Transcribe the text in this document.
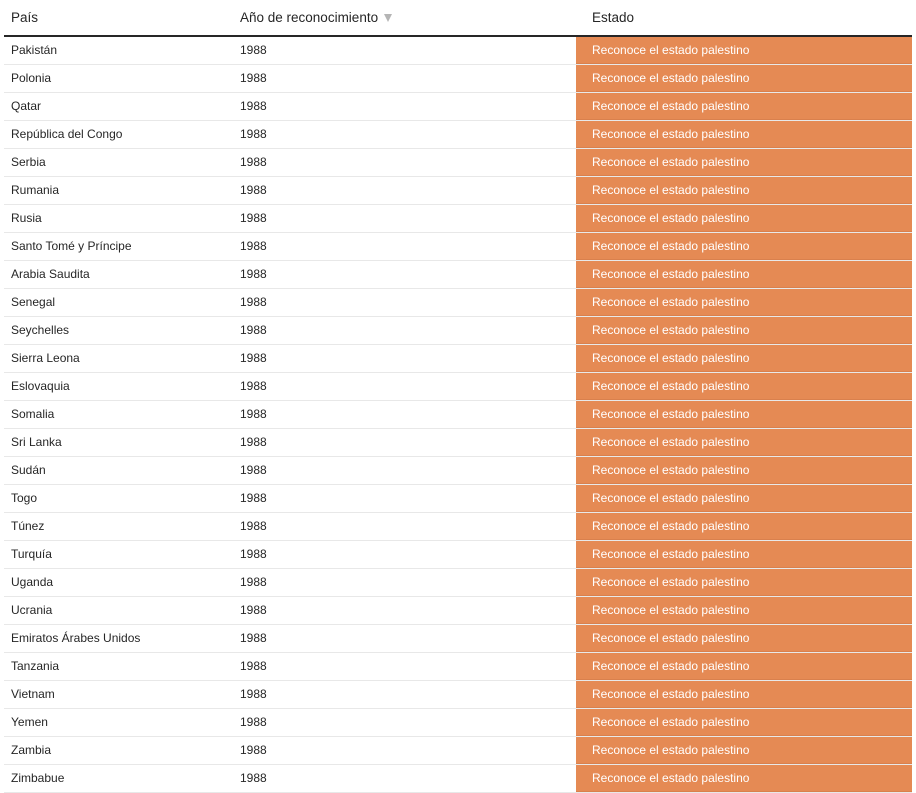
País	Año de reconocimiento	Estado
Pakistán	1988	Reconoce el estado palestino
Polonia	1988	Reconoce el estado palestino
Qatar	1988	Reconoce el estado palestino
República del Congo	1988	Reconoce el estado palestino
Serbia	1988	Reconoce el estado palestino
Rumania	1988	Reconoce el estado palestino
Rusia	1988	Reconoce el estado palestino
Santo Tomé y Príncipe	1988	Reconoce el estado palestino
Arabia Saudita	1988	Reconoce el estado palestino
Senegal	1988	Reconoce el estado palestino
Seychelles	1988	Reconoce el estado palestino
Sierra Leona	1988	Reconoce el estado palestino
Eslovaquia	1988	Reconoce el estado palestino
Somalia	1988	Reconoce el estado palestino
Sri Lanka	1988	Reconoce el estado palestino
Sudán	1988	Reconoce el estado palestino
Togo	1988	Reconoce el estado palestino
Túnez	1988	Reconoce el estado palestino
Turquía	1988	Reconoce el estado palestino
Uganda	1988	Reconoce el estado palestino
Ucrania	1988	Reconoce el estado palestino
Emiratos Árabes Unidos	1988	Reconoce el estado palestino
Tanzania	1988	Reconoce el estado palestino
Vietnam	1988	Reconoce el estado palestino
Yemen	1988	Reconoce el estado palestino
Zambia	1988	Reconoce el estado palestino
Zimbabue	1988	Reconoce el estado palestino
